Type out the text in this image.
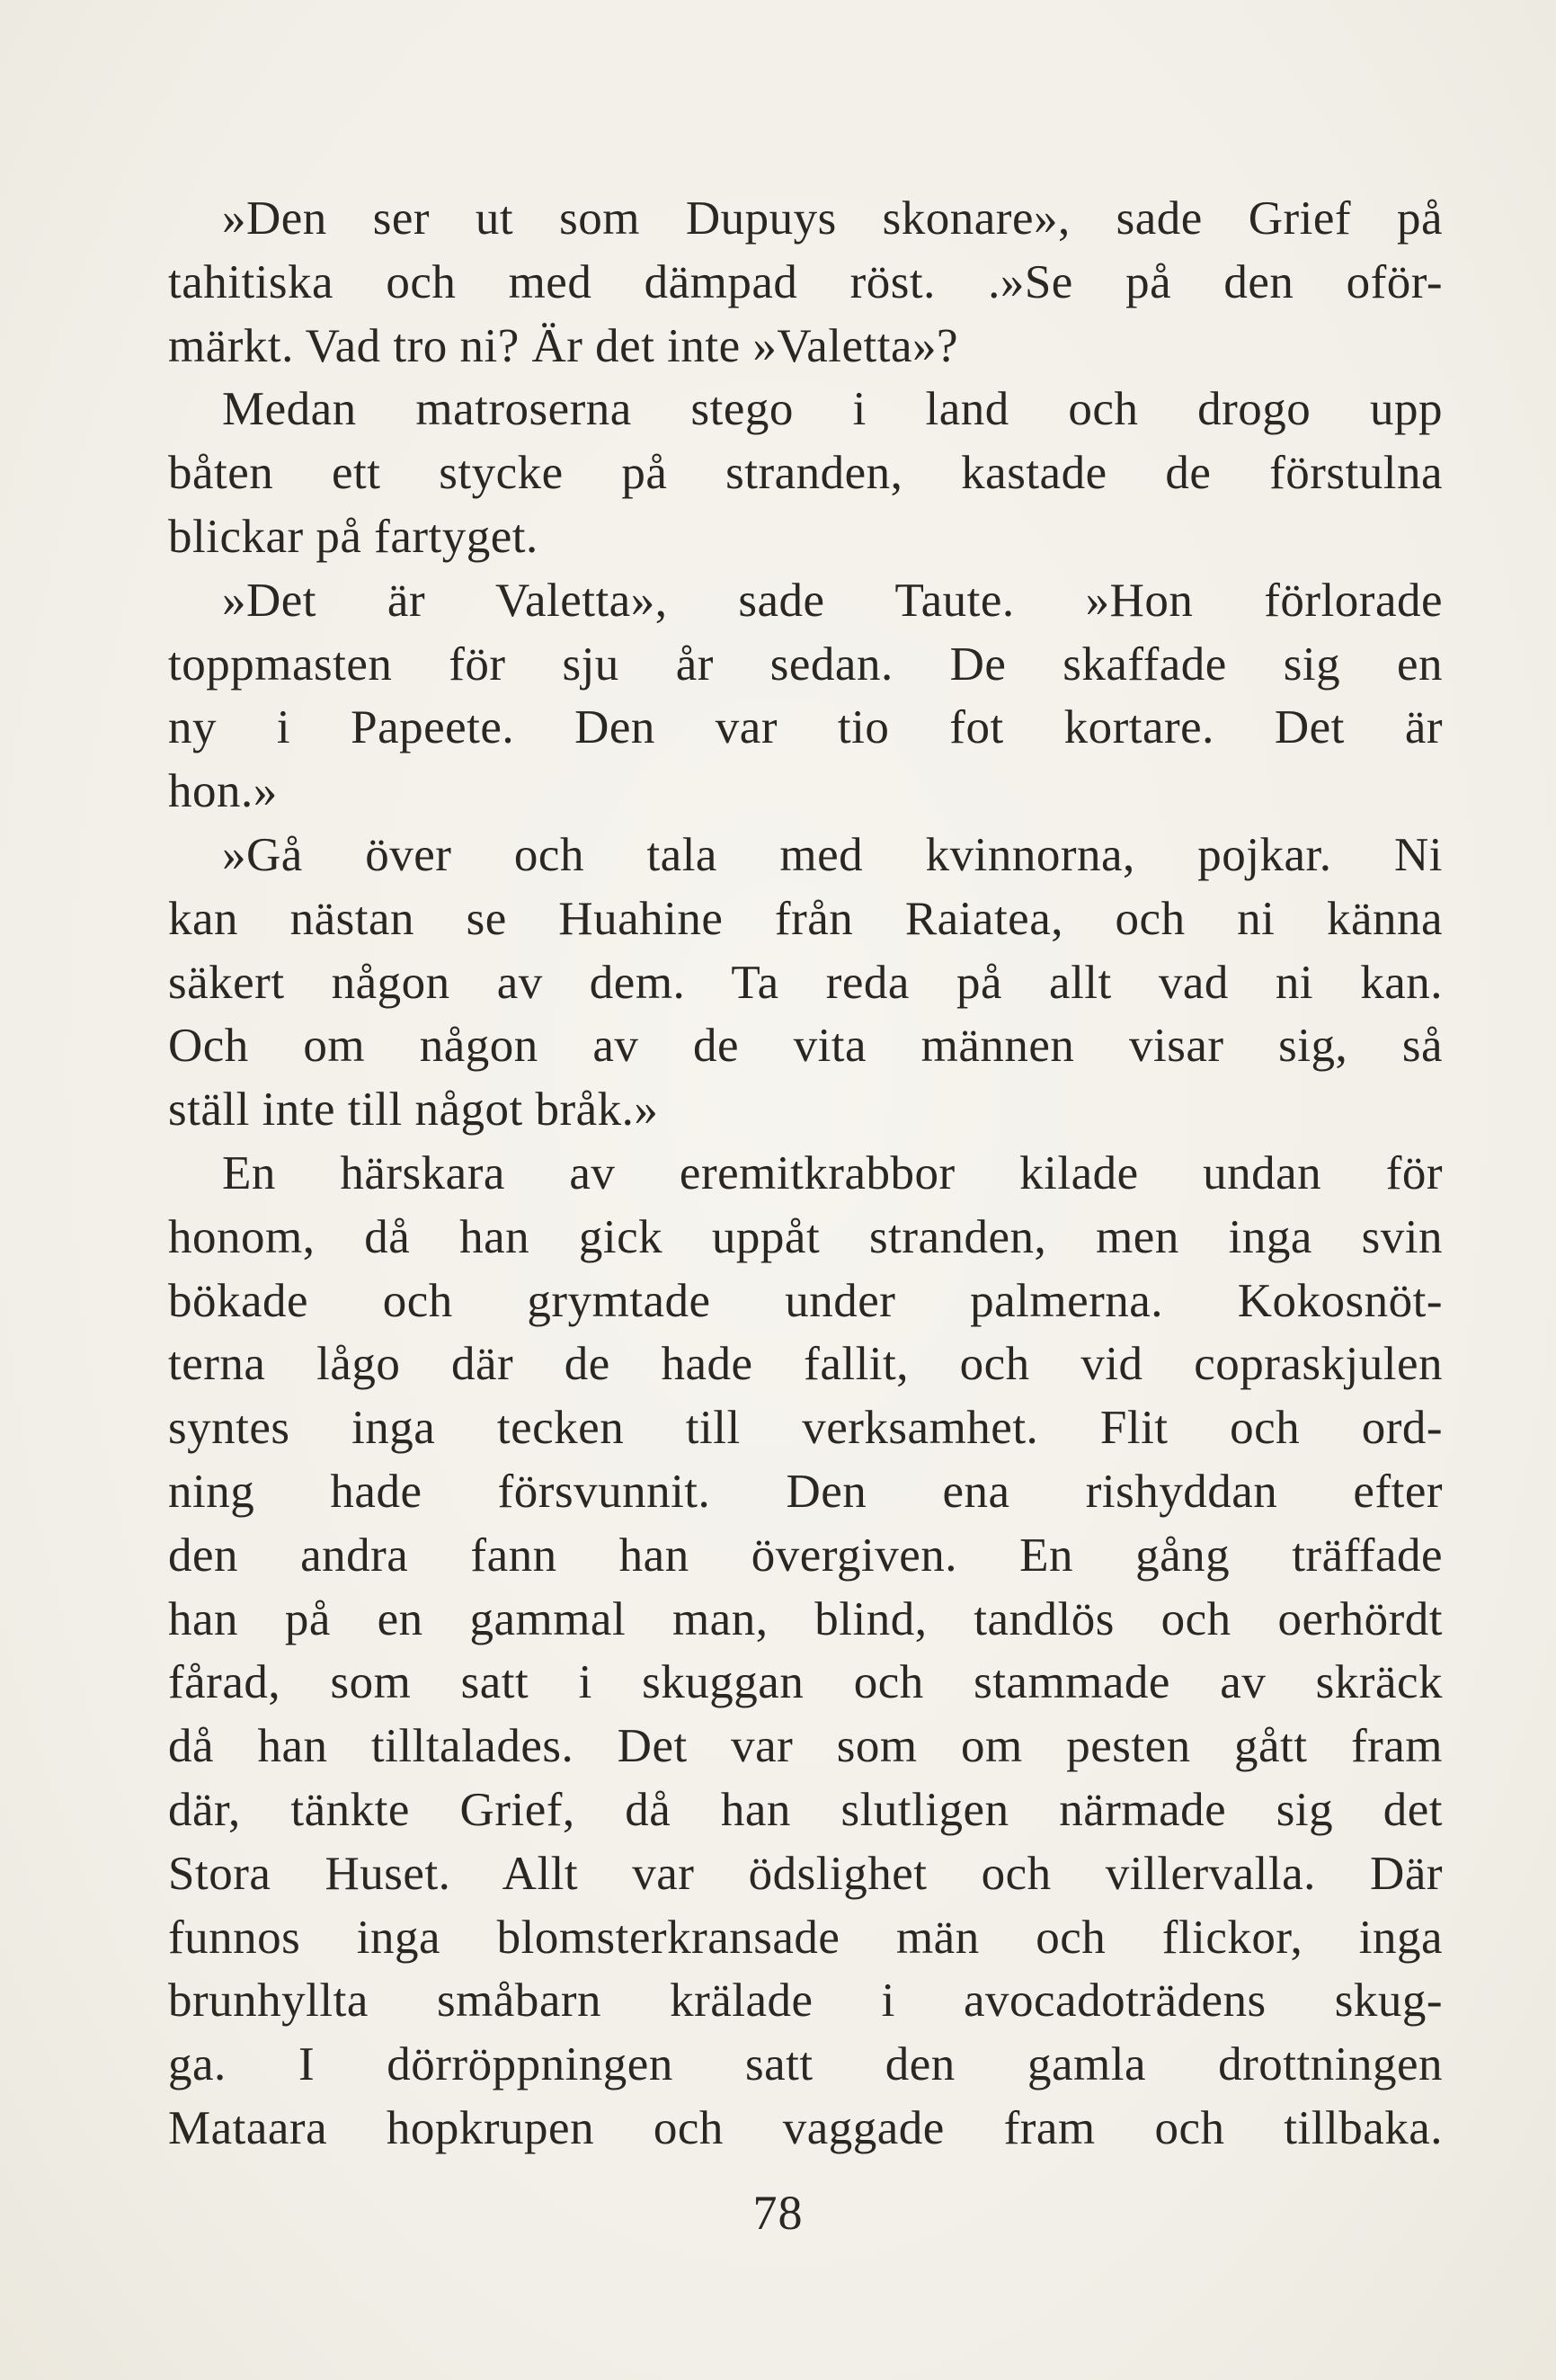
»Den ser ut som Dupuys skonare», sade Grief på
tahitiska och med dämpad röst. .»Se på den oför-
märkt. Vad tro ni? Är det inte »Valetta»?
Medan matroserna stego i land och drogo upp
båten ett stycke på stranden, kastade de förstulna
blickar på fartyget.
»Det är Valetta», sade Taute. »Hon förlorade
toppmasten för sju år sedan. De skaffade sig en
ny i Papeete. Den var tio fot kortare. Det är
hon.»
»Gå över och tala med kvinnorna, pojkar. Ni
kan nästan se Huahine från Raiatea, och ni känna
säkert någon av dem. Ta reda på allt vad ni kan.
Och om någon av de vita männen visar sig, så
ställ inte till något bråk.»
En härskara av eremitkrabbor kilade undan för
honom, då han gick uppåt stranden, men inga svin
bökade och grymtade under palmerna. Kokosnöt-
terna lågo där de hade fallit, och vid copraskjulen
syntes inga tecken till verksamhet. Flit och ord-
ning hade försvunnit. Den ena rishyddan efter
den andra fann han övergiven. En gång träffade
han på en gammal man, blind, tandlös och oerhördt
fårad, som satt i skuggan och stammade av skräck
då han tilltalades. Det var som om pesten gått fram
där, tänkte Grief, då han slutligen närmade sig det
Stora Huset. Allt var ödslighet och villervalla. Där
funnos inga blomsterkransade män och flickor, inga
brunhyllta småbarn krälade i avocadoträdens skug-
ga. I dörröppningen satt den gamla drottningen
Mataara hopkrupen och vaggade fram och tillbaka.
78
